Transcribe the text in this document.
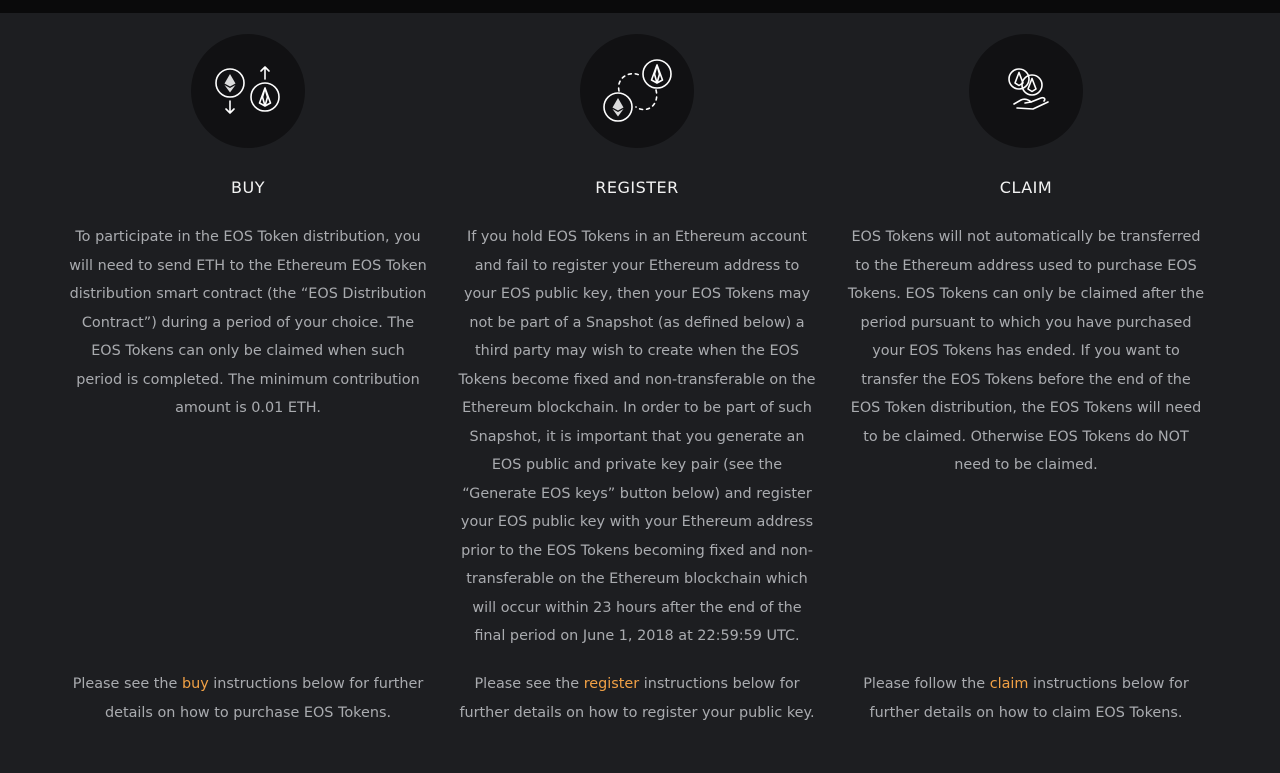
BUY
To participate in the EOS Token distribution, you will need to send ETH to the Ethereum EOS Token distribution smart contract (the “EOS Distribution Contract”) during a period of your choice. The EOS Tokens can only be claimed when such period is completed. The minimum contribution amount is 0.01 ETH.
Please see the buy instructions below for further details on how to purchase EOS Tokens.
REGISTER
If you hold EOS Tokens in an Ethereum account and fail to register your Ethereum address to your EOS public key, then your EOS Tokens may not be part of a Snapshot (as defined below) a third party may wish to create when the EOS Tokens become fixed and non-transferable on the Ethereum blockchain. In order to be part of such Snapshot, it is important that you generate an EOS public and private key pair (see the “Generate EOS keys” button below) and register your EOS public key with your Ethereum address prior to the EOS Tokens becoming fixed and non-transferable on the Ethereum blockchain which will occur within 23 hours after the end of the final period on June 1, 2018 at 22:59:59 UTC.
Please see the register instructions below for further details on how to register your public key.
CLAIM
EOS Tokens will not automatically be transferred to the Ethereum address used to purchase EOS Tokens. EOS Tokens can only be claimed after the period pursuant to which you have purchased your EOS Tokens has ended. If you want to transfer the EOS Tokens before the end of the EOS Token distribution, the EOS Tokens will need to be claimed. Otherwise EOS Tokens do NOT need to be claimed.
Please follow the claim instructions below for further details on how to claim EOS Tokens.
